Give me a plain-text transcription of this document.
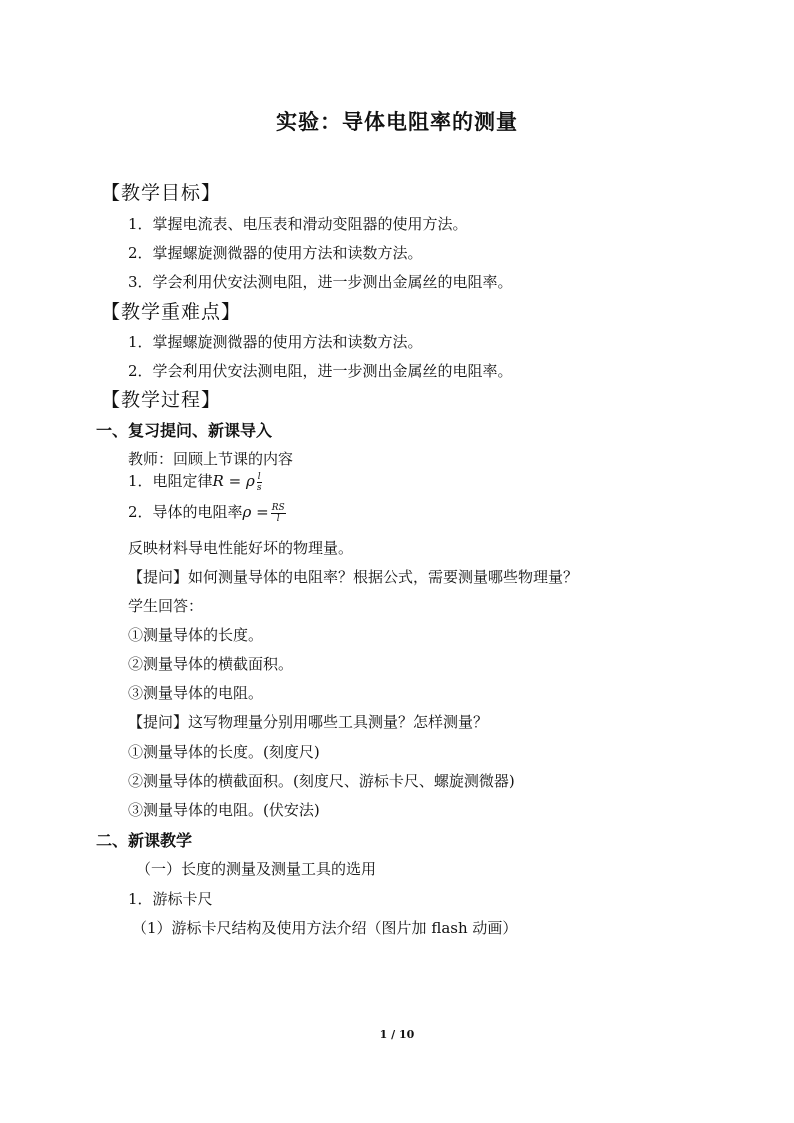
实验：导体电阻率的测量
【教学目标】
1．掌握电流表、电压表和滑动变阻器的使用方法。
2．掌握螺旋测微器的使用方法和读数方法。
3．学会利用伏安法测电阻，进一步测出金属丝的电阻率。
【教学重难点】
1．掌握螺旋测微器的使用方法和读数方法。
2．学会利用伏安法测电阻，进一步测出金属丝的电阻率。
【教学过程】
一、复习提问、新课导入
教师：回顾上节课的内容
1．电阻定律R = ρ $\frac{l}{s}$
2．导体的电阻率$\rho = \frac{RS}{l}$
反映材料导电性能好坏的物理量。
【提问】如何测量导体的电阻率？根据公式，需要测量哪些物理量？
学生回答：
①测量导体的长度。
②测量导体的横截面积。
③测量导体的电阻。
【提问】这写物理量分别用哪些工具测量？怎样测量？
①测量导体的长度。(刻度尺)
②测量导体的横截面积。(刻度尺、游标卡尺、螺旋测微器)
③测量导体的电阻。(伏安法)
二、新课教学
（一）长度的测量及测量工具的选用
1．游标卡尺
（1）游标卡尺结构及使用方法介绍（图片加 flash 动画）
1 / 10
